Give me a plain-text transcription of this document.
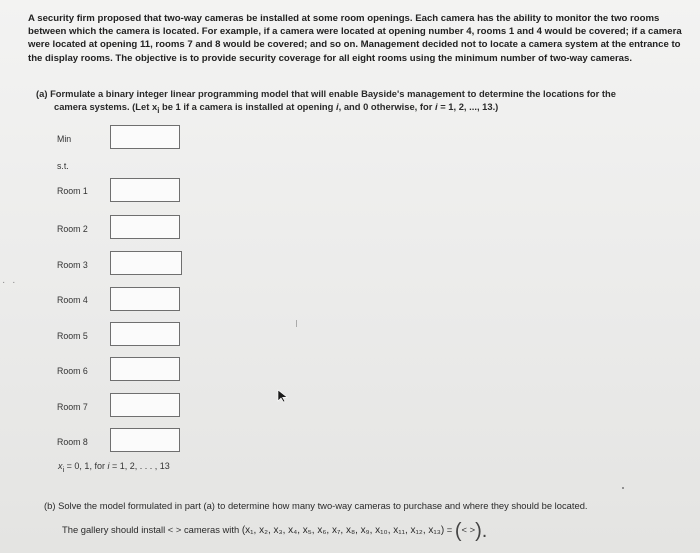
A security firm proposed that two-way cameras be installed at some room openings. Each camera has the ability to monitor the two rooms between which the camera is located. For example, if a camera were located at opening number 4, rooms 1 and 4 would be covered; if a camera were located at opening 11, rooms 7 and 8 would be covered; and so on. Management decided not to locate a camera system at the entrance to the display rooms. The objective is to provide security coverage for all eight rooms using the minimum number of two-way cameras.
(a) Formulate a binary integer linear programming model that will enable Bayside's management to determine the locations for the
camera systems. (Let $x_i$ be 1 if a camera is installed at opening i, and 0 otherwise, for i = 1, 2, ..., 13.)
Min
s.t.
Room 1
Room 2
Room 3
Room 4
Room 5
Room 6
Room 7
Room 8
$x_i = 0$, 1, for i = 1, 2, . . . , 13
(b) Solve the model formulated in part (a) to determine how many two-way cameras to purchase and where they should be located.
The gallery should install < > cameras with (x₁, x₂, x₃, x₄, x₅, x₆, x₇, x₈, x₉, x₁₀, x₁₁, x₁₂, x₁₃) = (< >).
· ·
